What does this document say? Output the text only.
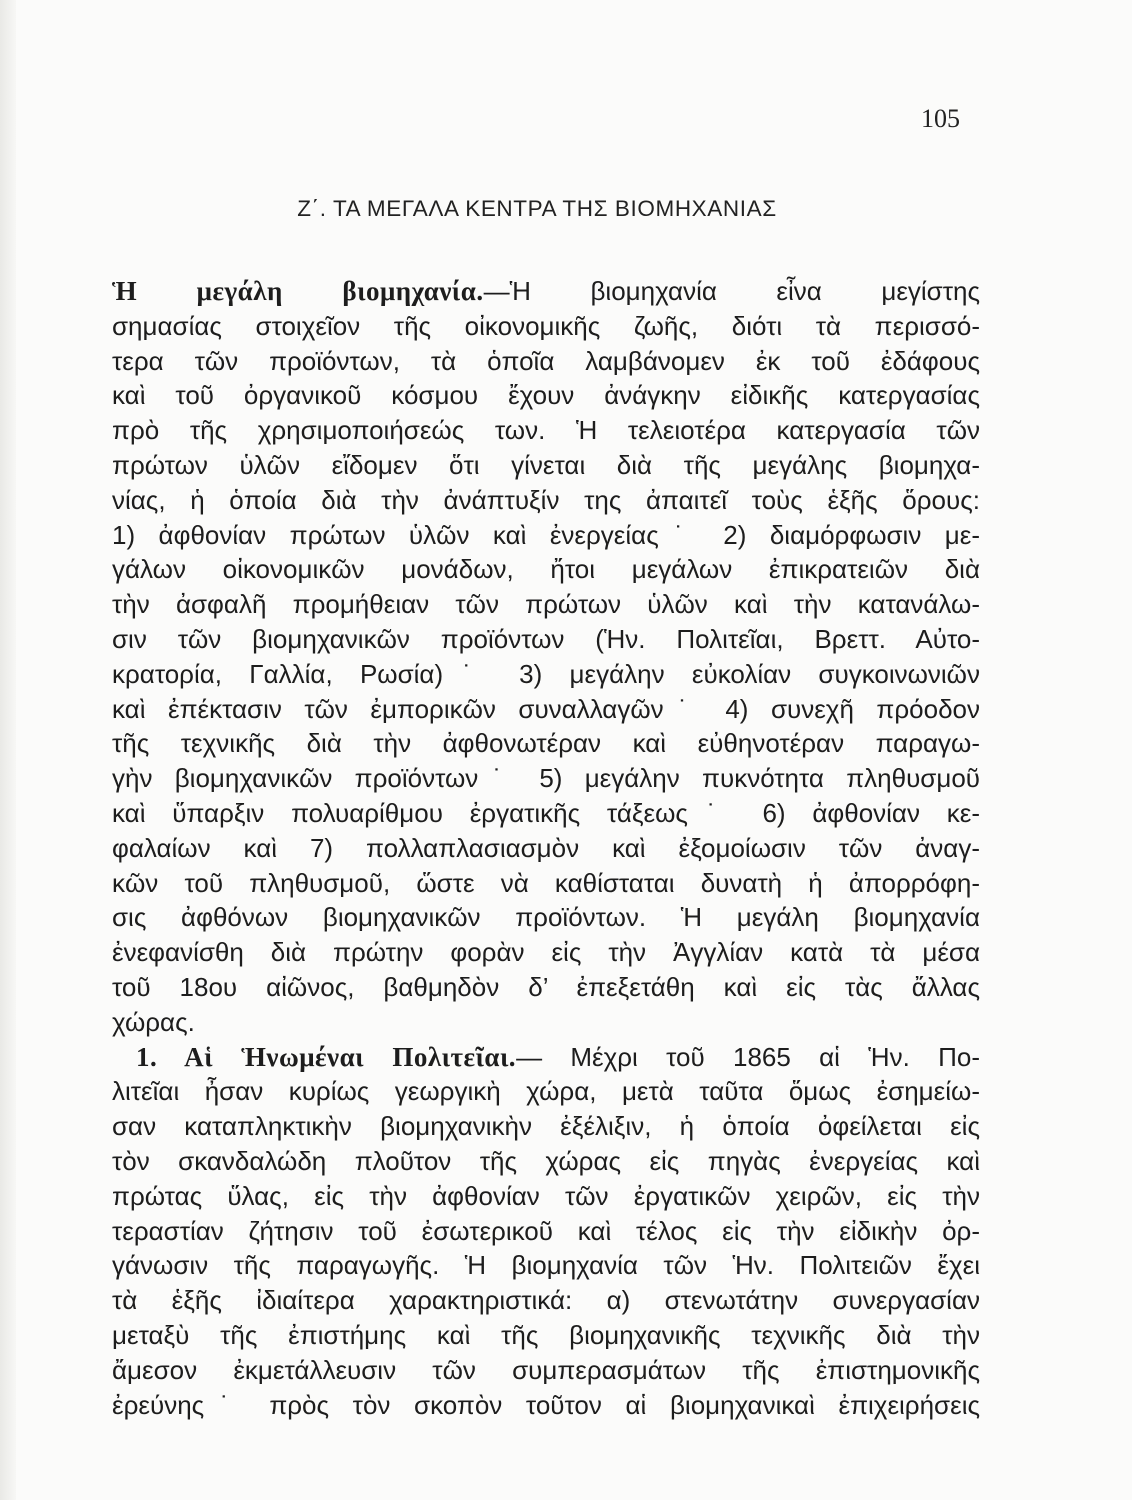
105
Ζ΄. ΤΑ ΜΕΓΑΛΑ ΚΕΝΤΡΑ ΤΗΣ ΒΙΟΜΗΧΑΝΙΑΣ
Ἡ μεγάλη βιομηχανία.—Ἡ βιομηχανία εἶνα μεγίστης
σημασίας στοιχεῖον τῆς οἰκονομικῆς ζωῆς, διότι τὰ περισσό-
τερα τῶν προϊόντων, τὰ ὁποῖα λαμβάνομεν ἐκ τοῦ ἐδάφους
καὶ τοῦ ὀργανικοῦ κόσμου ἔχουν ἀνάγκην εἰδικῆς κατεργασίας
πρὸ τῆς χρησιμοποιήσεώς των. Ἡ τελειοτέρα κατεργασία τῶν
πρώτων ὑλῶν εἴδομεν ὅτι γίνεται διὰ τῆς μεγάλης βιομηχα-
νίας, ἡ ὁποία διὰ τὴν ἀνάπτυξίν της ἀπαιτεῖ τοὺς ἑξῆς ὅρους:
1) ἀφθονίαν πρώτων ὑλῶν καὶ ἐνεργείας˙ 2) διαμόρφωσιν με-
γάλων οἰκονομικῶν μονάδων, ἤτοι μεγάλων ἐπικρατειῶν διὰ
τὴν ἀσφαλῆ προμήθειαν τῶν πρώτων ὑλῶν καὶ τὴν κατανάλω-
σιν τῶν βιομηχανικῶν προϊόντων (Ἡν. Πολιτεῖαι, Βρεττ. Αὐτο-
κρατορία, Γαλλία, Ρωσία)˙ 3) μεγάλην εὐκολίαν συγκοινωνιῶν
καὶ ἐπέκτασιν τῶν ἐμπορικῶν συναλλαγῶν˙ 4) συνεχῆ πρόοδον
τῆς τεχνικῆς διὰ τὴν ἀφθονωτέραν καὶ εὐθηνοτέραν παραγω-
γὴν βιομηχανικῶν προϊόντων˙ 5) μεγάλην πυκνότητα πληθυσμοῦ
καὶ ὕπαρξιν πολυαρίθμου ἐργατικῆς τάξεως˙ 6) ἀφθονίαν κε-
φαλαίων καὶ 7) πολλαπλασιασμὸν καὶ ἐξομοίωσιν τῶν ἀναγ-
κῶν τοῦ πληθυσμοῦ, ὥστε νὰ καθίσταται δυνατὴ ἡ ἀπορρόφη-
σις ἀφθόνων βιομηχανικῶν προϊόντων. Ἡ μεγάλη βιομηχανία
ἐνεφανίσθη διὰ πρώτην φορὰν εἰς τὴν Ἀγγλίαν κατὰ τὰ μέσα
τοῦ 18ου αἰῶνος, βαθμηδὸν δ’ ἐπεξετάθη καὶ εἰς τὰς ἄλλας
χώρας.
1. Αἱ Ἡνωμέναι Πολιτεῖαι.— Μέχρι τοῦ 1865 αἱ Ἡν. Πο-
λιτεῖαι ἦσαν κυρίως γεωργικὴ χώρα, μετὰ ταῦτα ὅμως ἐσημείω-
σαν καταπληκτικὴν βιομηχανικὴν ἐξέλιξιν, ἡ ὁποία ὀφείλεται εἰς
τὸν σκανδαλώδη πλοῦτον τῆς χώρας εἰς πηγὰς ἐνεργείας καὶ
πρώτας ὕλας, εἰς τὴν ἀφθονίαν τῶν ἐργατικῶν χειρῶν, εἰς τὴν
τεραστίαν ζήτησιν τοῦ ἐσωτερικοῦ καὶ τέλος εἰς τὴν εἰδικὴν ὀρ-
γάνωσιν τῆς παραγωγῆς. Ἡ βιομηχανία τῶν Ἡν. Πολιτειῶν ἔχει
τὰ ἑξῆς ἰδιαίτερα χαρακτηριστικά: α) στενωτάτην συνεργασίαν
μεταξὺ τῆς ἐπιστήμης καὶ τῆς βιομηχανικῆς τεχνικῆς διὰ τὴν
ἄμεσον ἐκμετάλλευσιν τῶν συμπερασμάτων τῆς ἐπιστημονικῆς
ἐρεύνης˙ πρὸς τὸν σκοπὸν τοῦτον αἱ βιομηχανικαὶ ἐπιχειρήσεις
